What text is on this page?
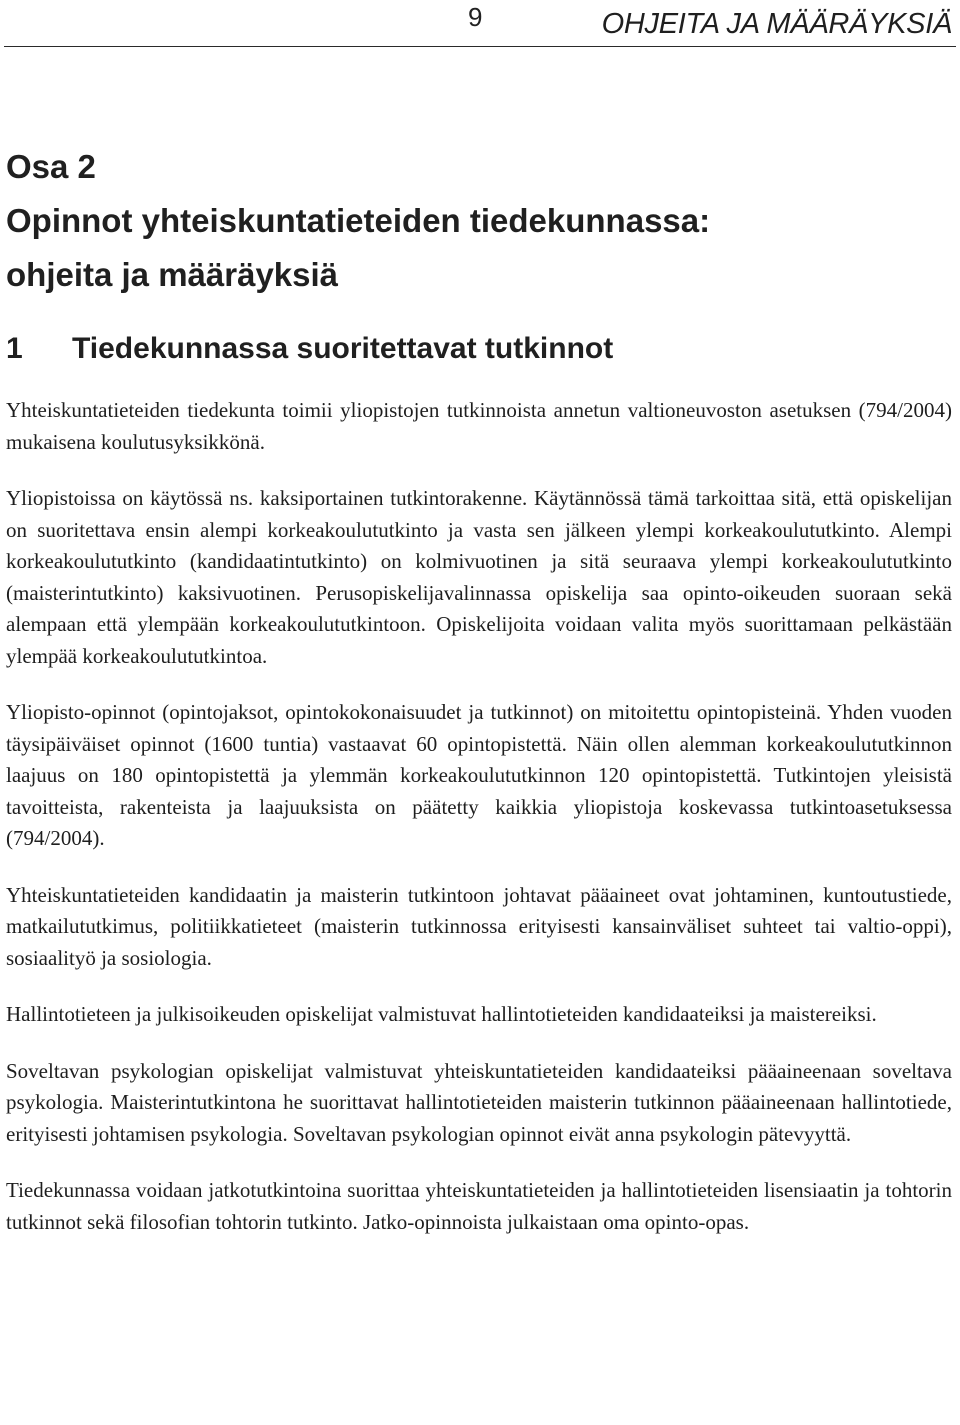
9	OHJEITA JA MÄÄRÄYKSIÄ
Osa 2
Opinnot yhteiskuntatieteiden tiedekunnassa:
ohjeita ja määräyksiä
1 Tiedekunnassa suoritettavat tutkinnot

Yhteiskuntatieteiden tiedekunta toimii yliopistojen tutkinnoista annetun valtioneuvoston asetuksen (794/2004) mukaisena koulutusyksikkönä.

Yliopistoissa on käytössä ns. kaksiportainen tutkintorakenne. Käytännössä tämä tarkoittaa sitä, että opiskelijan on suoritettava ensin alempi korkeakoulututkinto ja vasta sen jälkeen ylempi korkeakoulututkinto. Alempi korkeakoulututkinto (kandidaatintutkinto) on kolmivuotinen ja sitä seuraava ylempi korkeakoulututkinto (maisterintutkinto) kaksivuotinen. Perusopiskelijavalinnassa opiskelija saa opinto-oikeuden suoraan sekä alempaan että ylempään korkeakoulututkintoon. Opiskelijoita voidaan valita myös suorittamaan pelkästään ylempää korkeakoulututkintoa.

Yliopisto-opinnot (opintojaksot, opintokokonaisuudet ja tutkinnot) on mitoitettu opintopisteinä. Yhden vuoden täysipäiväiset opinnot (1600 tuntia) vastaavat 60 opintopistettä. Näin ollen alemman korkeakoulututkinnon laajuus on 180 opintopistettä ja ylemmän korkeakoulututkinnon 120 opintopistettä. Tutkintojen yleisistä tavoitteista, rakenteista ja laajuuksista on päätetty kaikkia yliopistoja koskevassa tutkintoasetuksessa (794/2004).

Yhteiskuntatieteiden kandidaatin ja maisterin tutkintoon johtavat pääaineet ovat johtaminen, kuntoutustiede, matkailututkimus, politiikkatieteet (maisterin tutkinnossa erityisesti kansainväliset suhteet tai valtio-oppi), sosiaalityö ja sosiologia.

Hallintotieteen ja julkisoikeuden opiskelijat valmistuvat hallintotieteiden kandidaateiksi ja maistereiksi.

Soveltavan psykologian opiskelijat valmistuvat yhteiskuntatieteiden kandidaateiksi pääaineenaan soveltava psykologia. Maisterintutkintona he suorittavat hallintotieteiden maisterin tutkinnon pääaineenaan hallintotiede, erityisesti johtamisen psykologia. Soveltavan psykologian opinnot eivät anna psykologin pätevyyttä.

Tiedekunnassa voidaan jatkotutkintoina suorittaa yhteiskuntatieteiden ja hallintotieteiden lisensiaatin ja tohtorin tutkinnot sekä filosofian tohtorin tutkinto. Jatko-opinnoista julkaistaan oma opinto-opas.
